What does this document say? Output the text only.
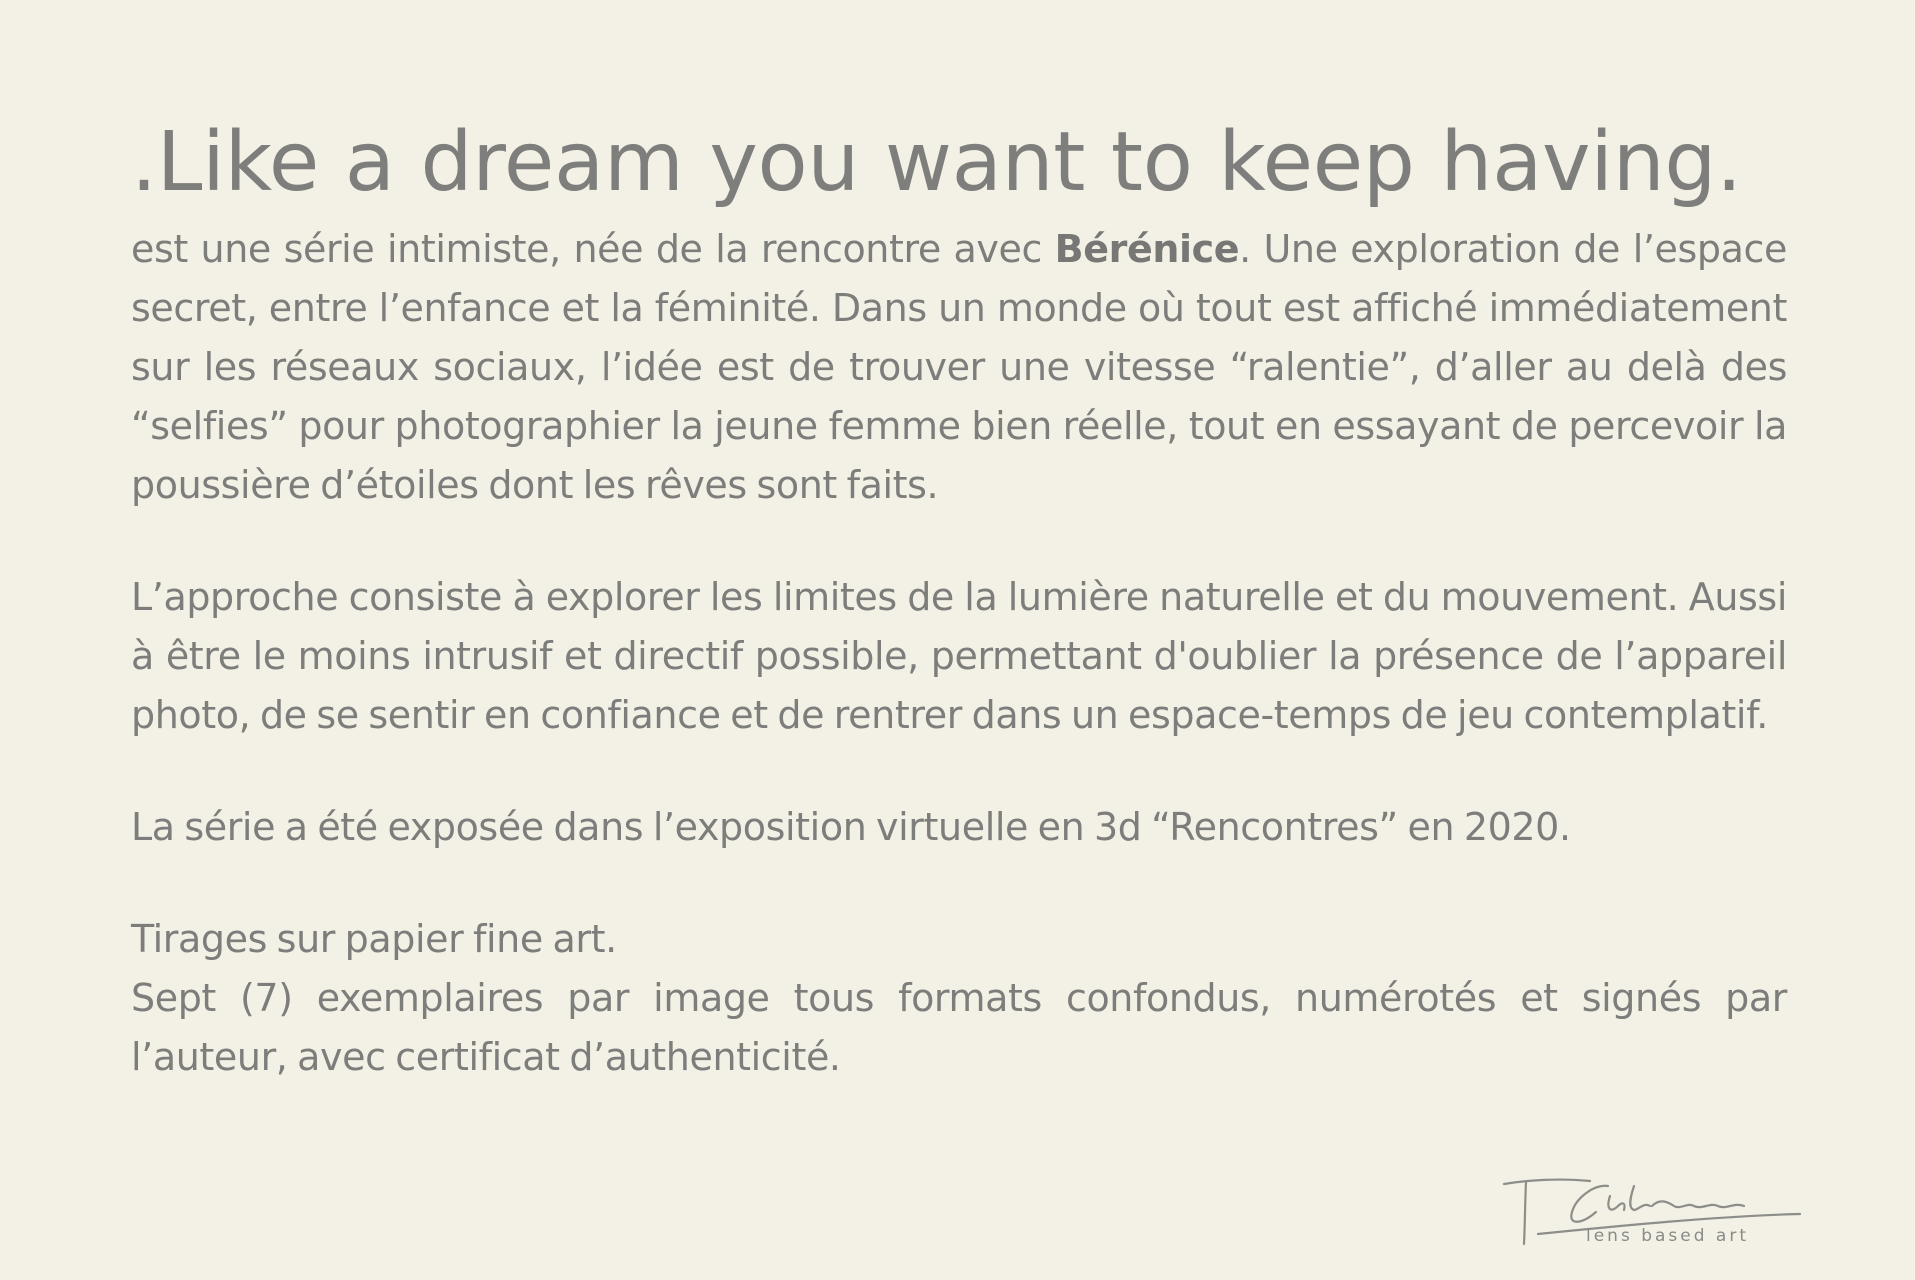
.Like a dream you want to keep having.

est une série intimiste, née de la rencontre avec Bérénice. Une exploration de l’espace secret, entre l’enfance et la féminité. Dans un monde où tout est affiché immédiatement sur les réseaux sociaux, l’idée est de trouver une vitesse “ralentie”, d’aller au delà des “selfies” pour photographier la jeune femme bien réelle, tout en essayant de percevoir la poussière d’étoiles dont les rêves sont faits.

L’approche consiste à explorer les limites de la lumière naturelle et du mouvement. Aussi à être le moins intrusif et directif possible, permettant d'oublier la présence de l’appareil photo, de se sentir en confiance et de rentrer dans un espace-temps de jeu contemplatif.

La série a été exposée dans l’exposition virtuelle en 3d “Rencontres” en 2020.

Tirages sur papier fine art.

Sept (7) exemplaires par image tous formats confondus, numérotés et signés par l’auteur, avec certificat d’authenticité.

lens based art
